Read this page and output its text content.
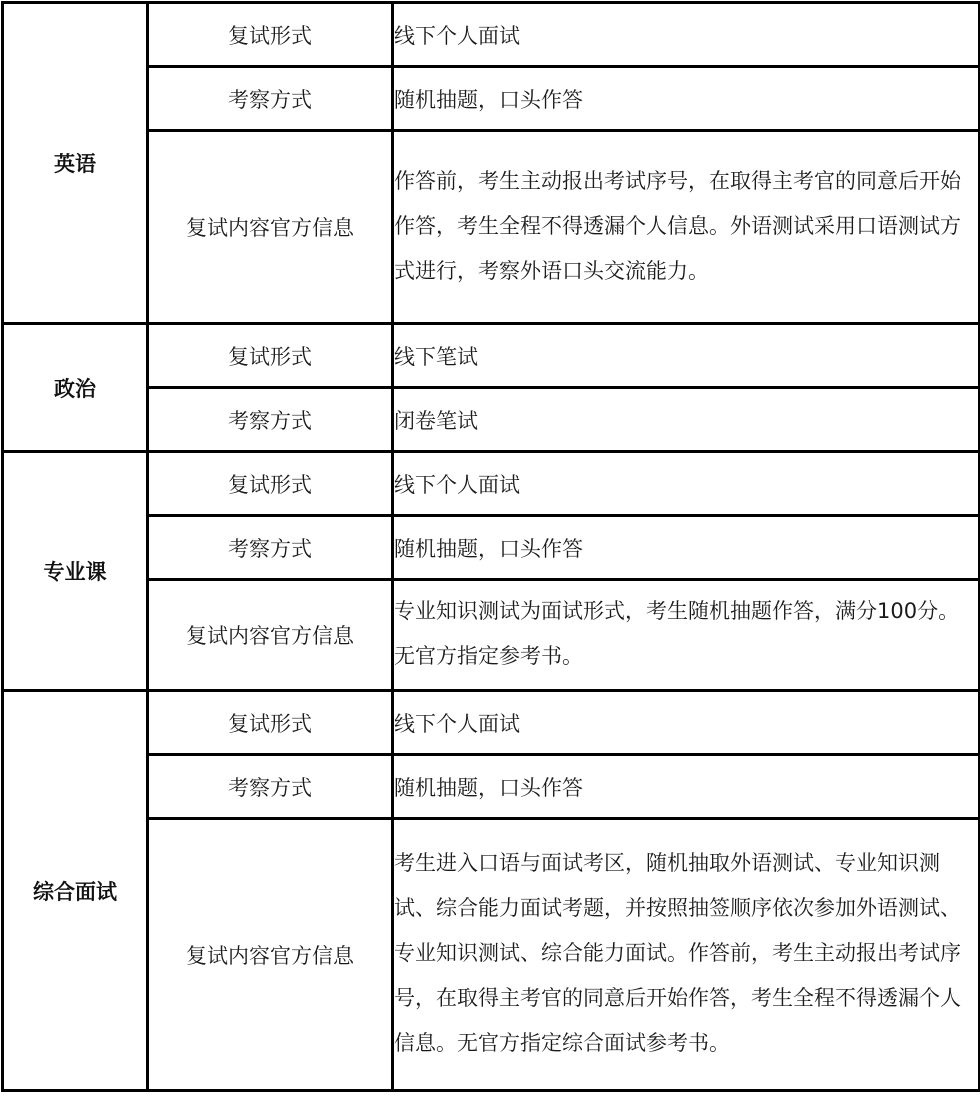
英语	复试形式	线下个人面试
	考察方式	随机抽题，口头作答
	复试内容官方信息	作答前，考生主动报出考试序号，在取得主考官的同意后开始作答，考生全程不得透漏个人信息。外语测试采用口语测试方式进行，考察外语口头交流能力。
政治	复试形式	线下笔试
	考察方式	闭卷笔试
专业课	复试形式	线下个人面试
	考察方式	随机抽题，口头作答
	复试内容官方信息	专业知识测试为面试形式，考生随机抽题作答，满分100分。无官方指定参考书。
综合面试	复试形式	线下个人面试
	考察方式	随机抽题，口头作答
	复试内容官方信息	考生进入口语与面试考区，随机抽取外语测试、专业知识测试、综合能力面试考题，并按照抽签顺序依次参加外语测试、专业知识测试、综合能力面试。作答前，考生主动报出考试序号，在取得主考官的同意后开始作答，考生全程不得透漏个人信息。无官方指定综合面试参考书。
